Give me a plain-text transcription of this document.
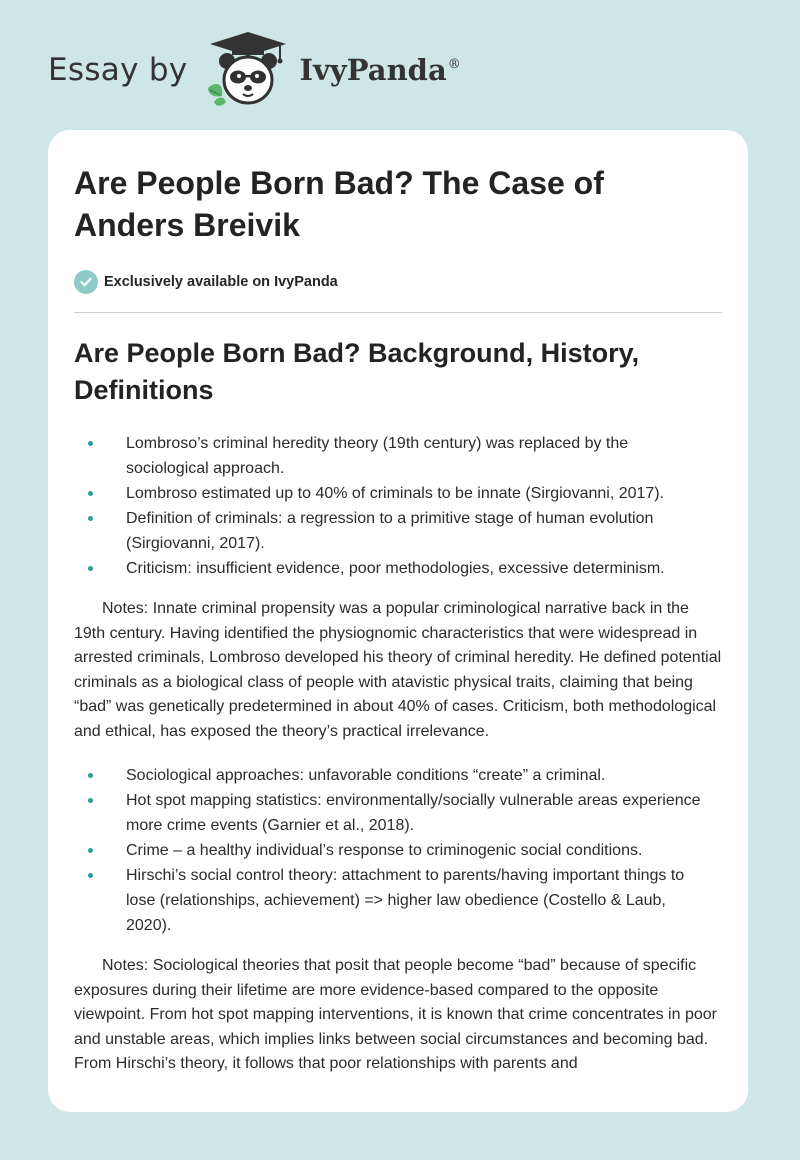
Essay by	IvyPanda®
Are People Born Bad? The Case of Anders Breivik
Exclusively available on IvyPanda
Are People Born Bad? Background, History, Definitions
Lombroso’s criminal heredity theory (19th century) was replaced by the sociological approach.
Lombroso estimated up to 40% of criminals to be innate (Sirgiovanni, 2017).
Definition of criminals: a regression to a primitive stage of human evolution (Sirgiovanni, 2017).
Criticism: insufficient evidence, poor methodologies, excessive determinism.

Notes: Innate criminal propensity was a popular criminological narrative back in the 19th century. Having identified the physiognomic characteristics that were widespread in arrested criminals, Lombroso developed his theory of criminal heredity. He defined potential criminals as a biological class of people with atavistic physical traits, claiming that being “bad” was genetically predetermined in about 40% of cases. Criticism, both methodological and ethical, has exposed the theory’s practical irrelevance.

Sociological approaches: unfavorable conditions “create” a criminal.
Hot spot mapping statistics: environmentally/socially vulnerable areas experience more crime events (Garnier et al., 2018).
Crime – a healthy individual’s response to criminogenic social conditions.
Hirschi’s social control theory: attachment to parents/having important things to lose (relationships, achievement) => higher law obedience (Costello & Laub, 2020).

Notes: Sociological theories that posit that people become “bad” because of specific exposures during their lifetime are more evidence-based compared to the opposite viewpoint. From hot spot mapping interventions, it is known that crime concentrates in poor and unstable areas, which implies links between social circumstances and becoming bad. From Hirschi’s theory, it follows that poor relationships with parents and
